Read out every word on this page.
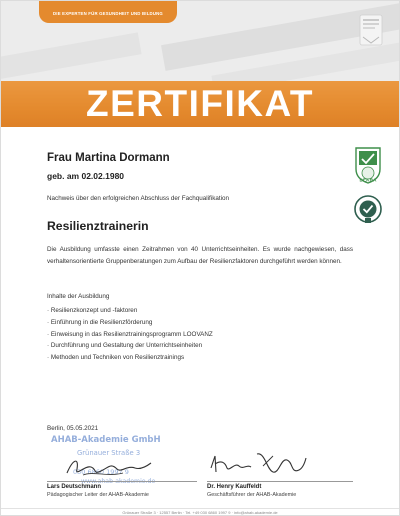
DIE EXPERTEN FÜR GESUNDHEIT UND BILDUNG
ZERTIFIKAT
DEKRA
Frau Martina Dormann
geb. am 02.02.1980
Nachweis über den erfolgreichen Abschluss der Fachqualifikation
Resilienztrainerin
Die Ausbildung umfasste einen Zeitrahmen von 40 Unterrichtseinheiten. Es wurde nachgewiesen, dass verhaltensorientierte Gruppenberatungen zum Aufbau der Resilienzfaktoren durchgeführt werden können.
Inhalte der Ausbildung
· Resilienzkonzept und -faktoren
· Einführung in die Resilienzförderung
· Einweisung in das Resilienztrainingsprogramm LOOVANZ
· Durchführung und Gestaltung der Unterrichtseinheiten
· Methoden und Techniken von Resilienztrainings
Berlin, 05.05.2021
AHAB-Akademie GmbH
Grünauer Straße 3
030 6860 1997 9
www.ahab-akademie.de
Lars Deutschmann
Pädagogischer Leiter der AHAB-Akademie
Dr. Henry Kauffeldt
Geschäftsführer der AHAB-Akademie
Grünauer Straße 3 · 12557 Berlin · Tel. +49 030 6860 1997 9 · info@ahab-akademie.de
